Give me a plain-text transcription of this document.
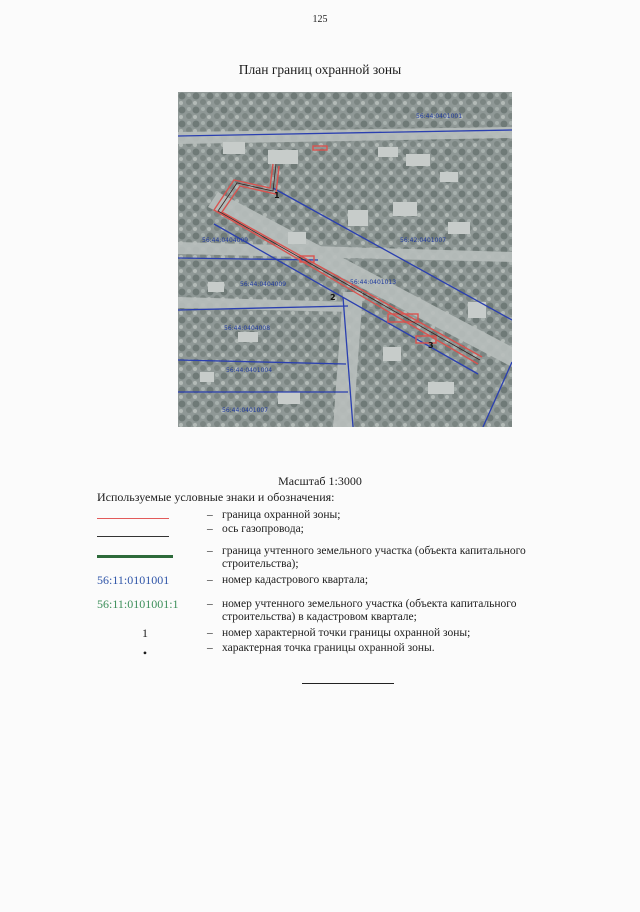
125
План границ охранной зоны
56:44:0401001
56:42:0401007
56:44:0401013
56:44:0404009
56:44:0404008
56:44:0401004
56:44:0401007
56:44:0404009
1
2
3
Масштаб 1:3000
Используемые условные знаки и обозначения:
– граница охранной зоны;
– ось газопровода;
– граница учтенного земельного участка (объекта капитального строительства);
56:11:0101001	– номер кадастрового квартала;
56:11:0101001:1 – номер учтенного земельного участка (объекта капитального строительства) в кадастровом квартале;
1	– номер характерной точки границы охранной зоны;
•	– характерная точка границы охранной зоны.
